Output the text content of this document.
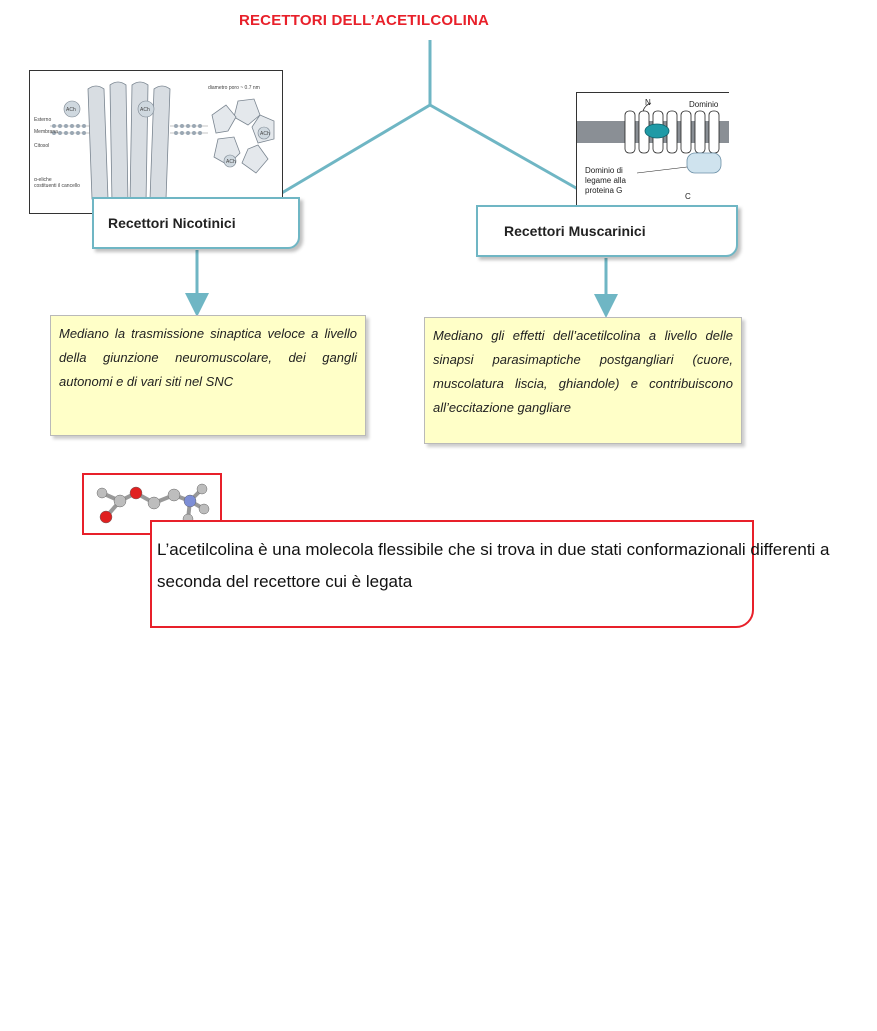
RECETTORI DELL’ACETILCOLINA
ACh	ACh
Esterno
Membrana
Citosol
α-eliche
costituenti il cancello
diametro poro ~ 0.7 nm
ACh
ACh
N	Dominio
C
Dominio di
legame alla
proteina G
Recettori Nicotinici	Recettori Muscarinici
Mediano la trasmissione sinaptica veloce a livello della giunzione neuromuscolare, dei gangli autonomi e di vari siti nel SNC
Mediano gli effetti dell’acetilcolina a livello delle sinapsi parasimaptiche postgangliari (cuore, muscolatura liscia, ghiandole) e contribuiscono all’eccitazione gangliare
L’acetilcolina è una molecola flessibile che si trova in due stati conformazionali differenti a seconda del recettore cui è legata
